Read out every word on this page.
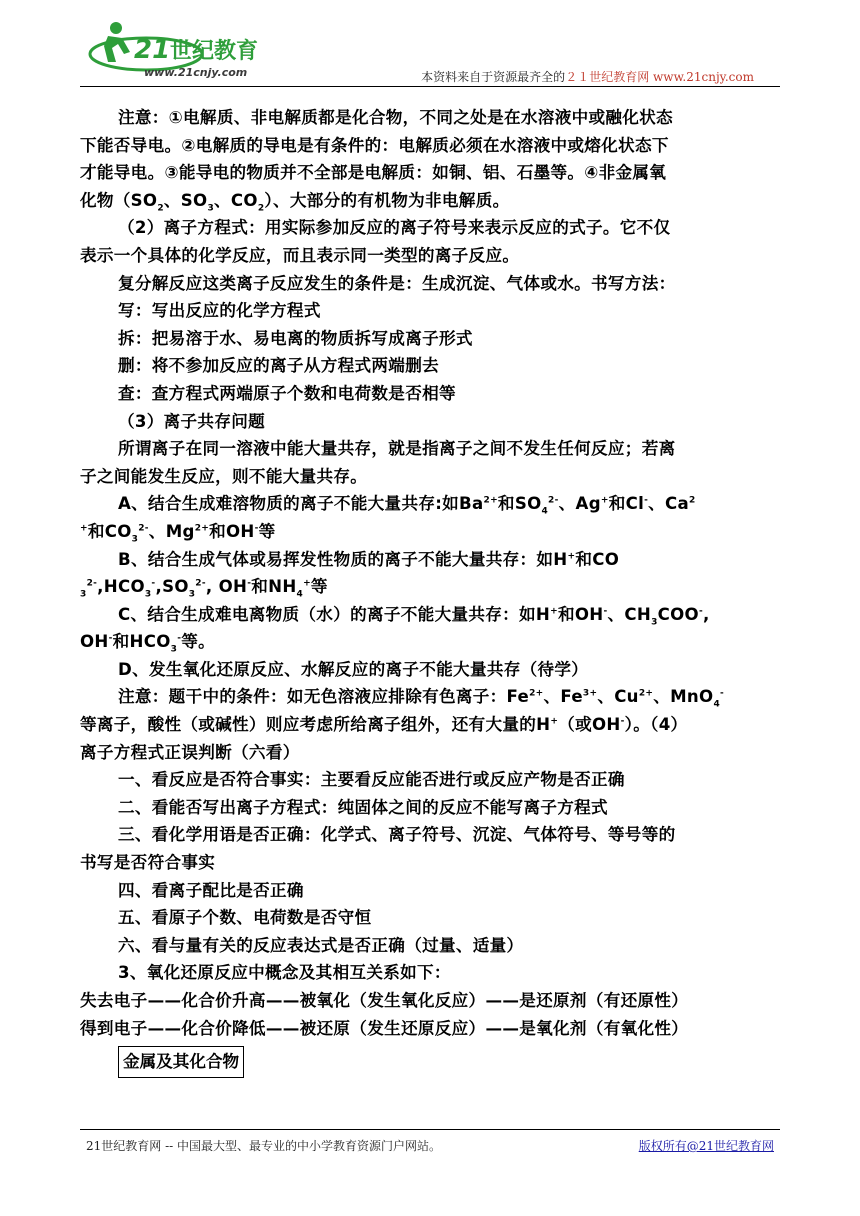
21 世纪教育
www.21cnjy.com	本资料来自于资源最齐全的２１世纪教育网 www.21cnjy.com
注意：①电解质、非电解质都是化合物，不同之处是在水溶液中或融化状态
下能否导电。②电解质的导电是有条件的：电解质必须在水溶液中或熔化状态下
才能导电。③能导电的物质并不全部是电解质：如铜、铝、石墨等。④非金属氧
化物（$SO_2$、$SO_3$、$CO_2$）、大部分的有机物为非电解质。
（2）离子方程式：用实际参加反应的离子符号来表示反应的式子。它不仅
表示一个具体的化学反应，而且表示同一类型的离子反应。
复分解反应这类离子反应发生的条件是：生成沉淀、气体或水。书写方法：
写：写出反应的化学方程式
拆：把易溶于水、易电离的物质拆写成离子形式
删：将不参加反应的离子从方程式两端删去
查：查方程式两端原子个数和电荷数是否相等
（3）离子共存问题
所谓离子在同一溶液中能大量共存，就是指离子之间不发生任何反应；若离
子之间能发生反应，则不能大量共存。
A、结合生成难溶物质的离子不能大量共存:如$Ba^{2+}$和$SO_4^{2-}$、Ag+和Cl-、Ca$^2$
+和$CO_3^{2-}$、$Mg^{2+}$和OH-等
B、结合生成气体或易挥发性物质的离子不能大量共存：如H+和CO
$_3^{2-},HCO_3^-,SO_3^{2-}$, OH-和$NH_4^+$等
C、结合生成难电离物质（水）的离子不能大量共存：如H+和OH-、$CH_3COO^-$,
OH-和$HCO_3^-$等。
D、发生氧化还原反应、水解反应的离子不能大量共存（待学）
注意：题干中的条件：如无色溶液应排除有色离子：$Fe^{2+}$、$Fe^{3+}$、$Cu^{2+}$、MnO$_4$-
等离子，酸性（或碱性）则应考虑所给离子组外，还有大量的H+（或OH-）。（4）
离子方程式正误判断（六看）
一、看反应是否符合事实：主要看反应能否进行或反应产物是否正确
二、看能否写出离子方程式：纯固体之间的反应不能写离子方程式
三、看化学用语是否正确：化学式、离子符号、沉淀、气体符号、等号等的
书写是否符合事实
四、看离子配比是否正确
五、看原子个数、电荷数是否守恒
六、看与量有关的反应表达式是否正确（过量、适量）
3、氧化还原反应中概念及其相互关系如下：
失去电子——化合价升高——被氧化（发生氧化反应）——是还原剂（有还原性）
得到电子——化合价降低——被还原（发生还原反应）——是氧化剂（有氧化性）
金属及其化合物
21世纪教育网 -- 中国最大型、最专业的中小学教育资源门户网站。	版权所有@21世纪教育网
